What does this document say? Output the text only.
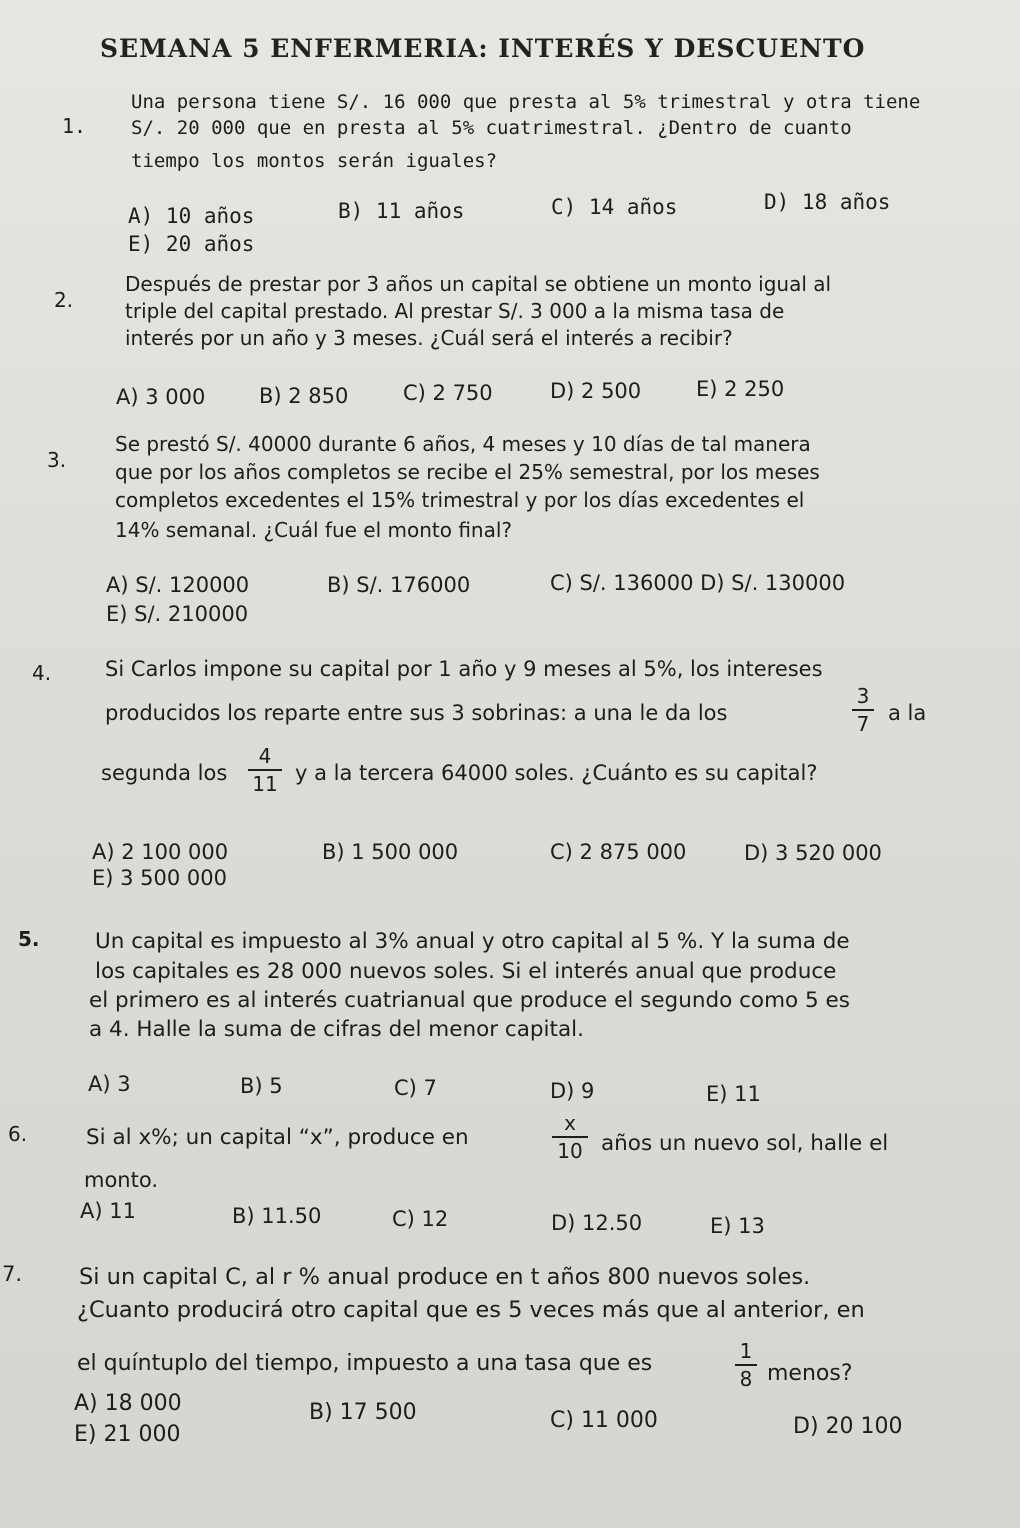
SEMANA 5 ENFERMERIA: INTERÉS Y DESCUENTO
1.
Una persona tiene S/. 16 000 que presta al 5% trimestral y otra tiene
S/. 20 000 que en presta al 5% cuatrimestral. ¿Dentro de cuanto
tiempo los montos serán iguales?
A) 10 años	B) 11 años	C) 14 años	D) 18 años
E) 20 años
2.
Después de prestar por 3 años un capital se obtiene un monto igual al
triple del capital prestado. Al prestar S/. 3 000 a la misma tasa de
interés por un año y 3 meses. ¿Cuál será el interés a recibir?
A) 3 000	B) 2 850	C) 2 750	D) 2 500	E) 2 250
3.
Se prestó S/. 40000 durante 6 años, 4 meses y 10 días de tal manera
que por los años completos se recibe el 25% semestral, por los meses
completos excedentes el 15% trimestral y por los días excedentes el
14% semanal. ¿Cuál fue el monto final?
A) S/. 120000	B) S/. 176000	C) S/. 136000 D) S/. 130000
E) S/. 210000
4.	Si Carlos impone su capital por 1 año y 9 meses al 5%, los intereses
producidos los reparte entre sus 3 sobrinas: a una le da los
3
7 a la
segunda los
4
11 y a la tercera 64000 soles. ¿Cuánto es su capital?
A) 2 100 000	B) 1 500 000	C) 2 875 000	D) 3 520 000
E) 3 500 000
5.	Un capital es impuesto al 3% anual y otro capital al 5 %. Y la suma de
los capitales es 28 000 nuevos soles. Si el interés anual que produce
el primero es al interés cuatrianual que produce el segundo como 5 es
a 4. Halle la suma de cifras del menor capital.
A) 3	B) 5	C) 7	D) 9	E) 11
6.	Si al x%; un capital “x”, produce en
x
10 años un nuevo sol, halle el
monto.
A) 11	B) 11.50	C) 12	D) 12.50	E) 13
7.	Si un capital C, al r % anual produce en t años 800 nuevos soles.
¿Cuanto producirá otro capital que es 5 veces más que al anterior, en
el quíntuplo del tiempo, impuesto a una tasa que es	1
8 menos?
A) 18 000	B) 17 500	C) 11 000	D) 20 100
E) 21 000
